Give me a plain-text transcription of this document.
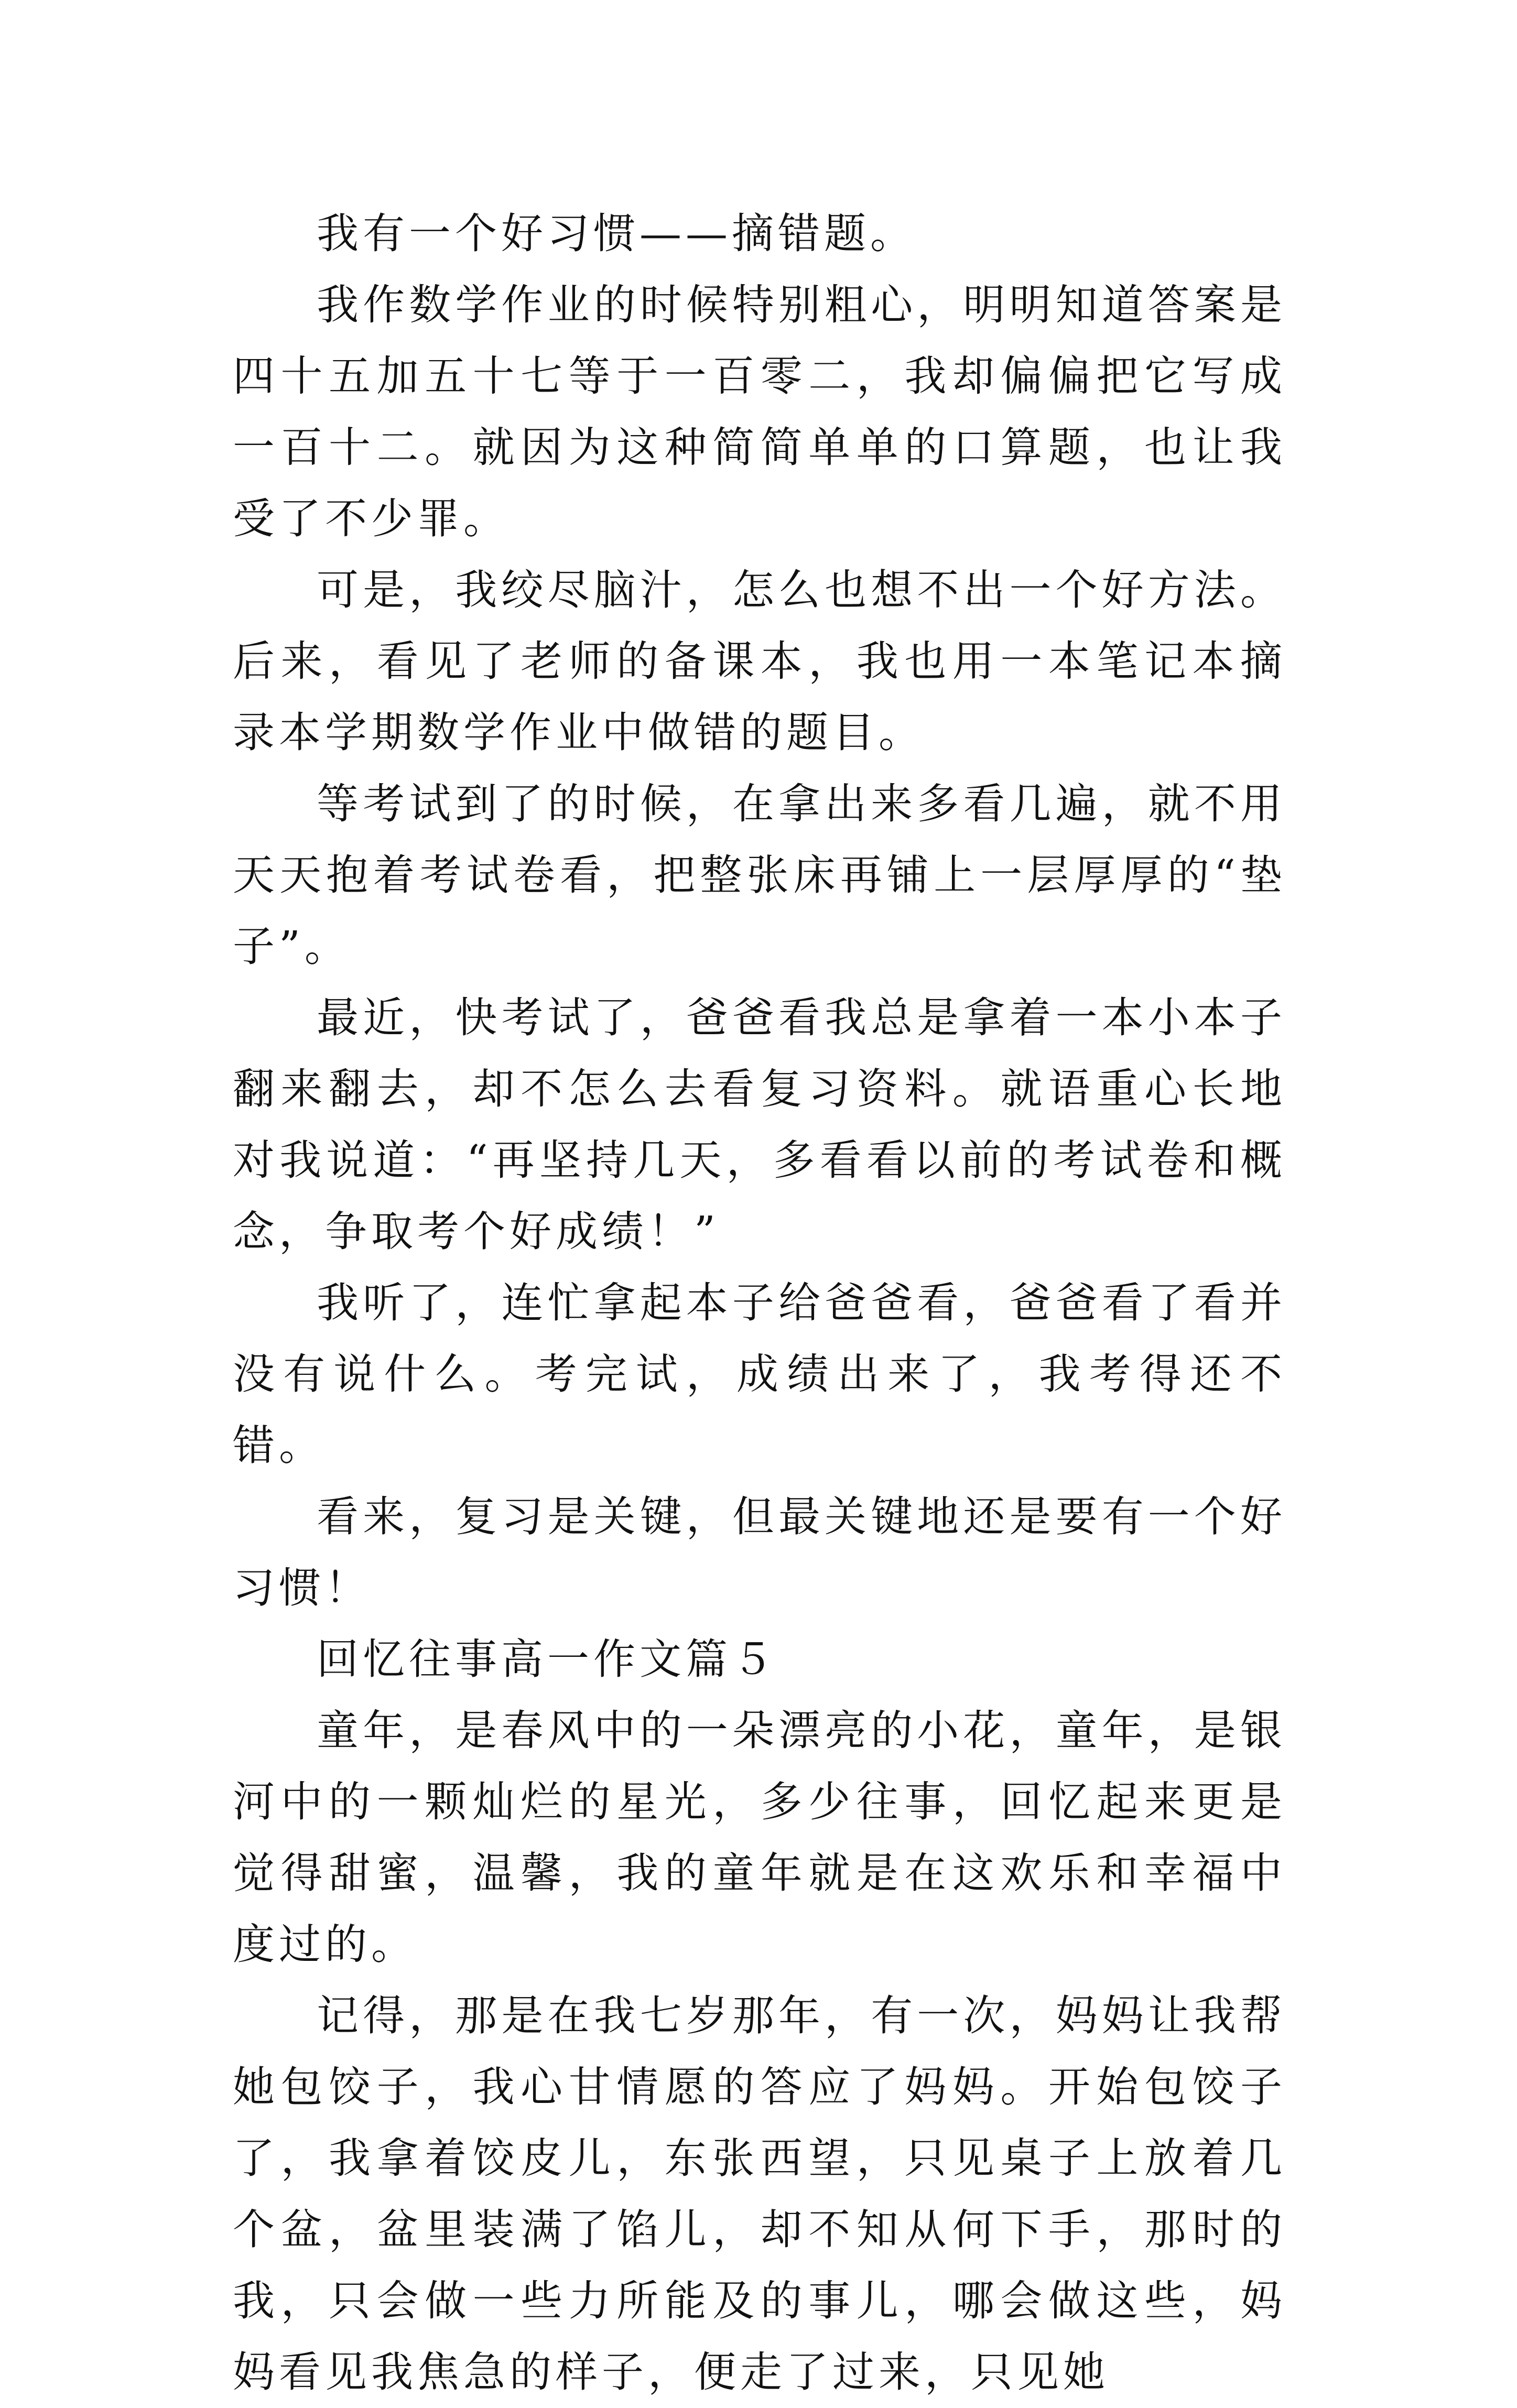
我有一个好习惯——摘错题。

我作数学作业的时候特别粗心，明明知道答案是四十五加五十七等于一百零二，我却偏偏把它写成一百十二。就因为这种简简单单的口算题，也让我受了不少罪。

可是，我绞尽脑汁，怎么也想不出一个好方法。后来，看见了老师的备课本，我也用一本笔记本摘录本学期数学作业中做错的题目。

等考试到了的时候，在拿出来多看几遍，就不用天天抱着考试卷看，把整张床再铺上一层厚厚的“垫子”。

最近，快考试了，爸爸看我总是拿着一本小本子翻来翻去，却不怎么去看复习资料。就语重心长地对我说道：“再坚持几天，多看看以前的考试卷和概念，争取考个好成绩！”

我听了，连忙拿起本子给爸爸看，爸爸看了看并没有说什么。考完试，成绩出来了，我考得还不错。

看来，复习是关键，但最关键地还是要有一个好习惯！

回忆往事高一作文篇５

童年，是春风中的一朵漂亮的小花，童年，是银河中的一颗灿烂的星光，多少往事，回忆起来更是觉得甜蜜，温馨，我的童年就是在这欢乐和幸福中度过的。

记得，那是在我七岁那年，有一次，妈妈让我帮她包饺子，我心甘情愿的答应了妈妈。开始包饺子了，我拿着饺皮儿，东张西望，只见桌子上放着几个盆，盆里装满了馅儿，却不知从何下手，那时的我，只会做一些力所能及的事儿，哪会做这些，妈妈看见我焦急的样子，便走了过来，只见她
